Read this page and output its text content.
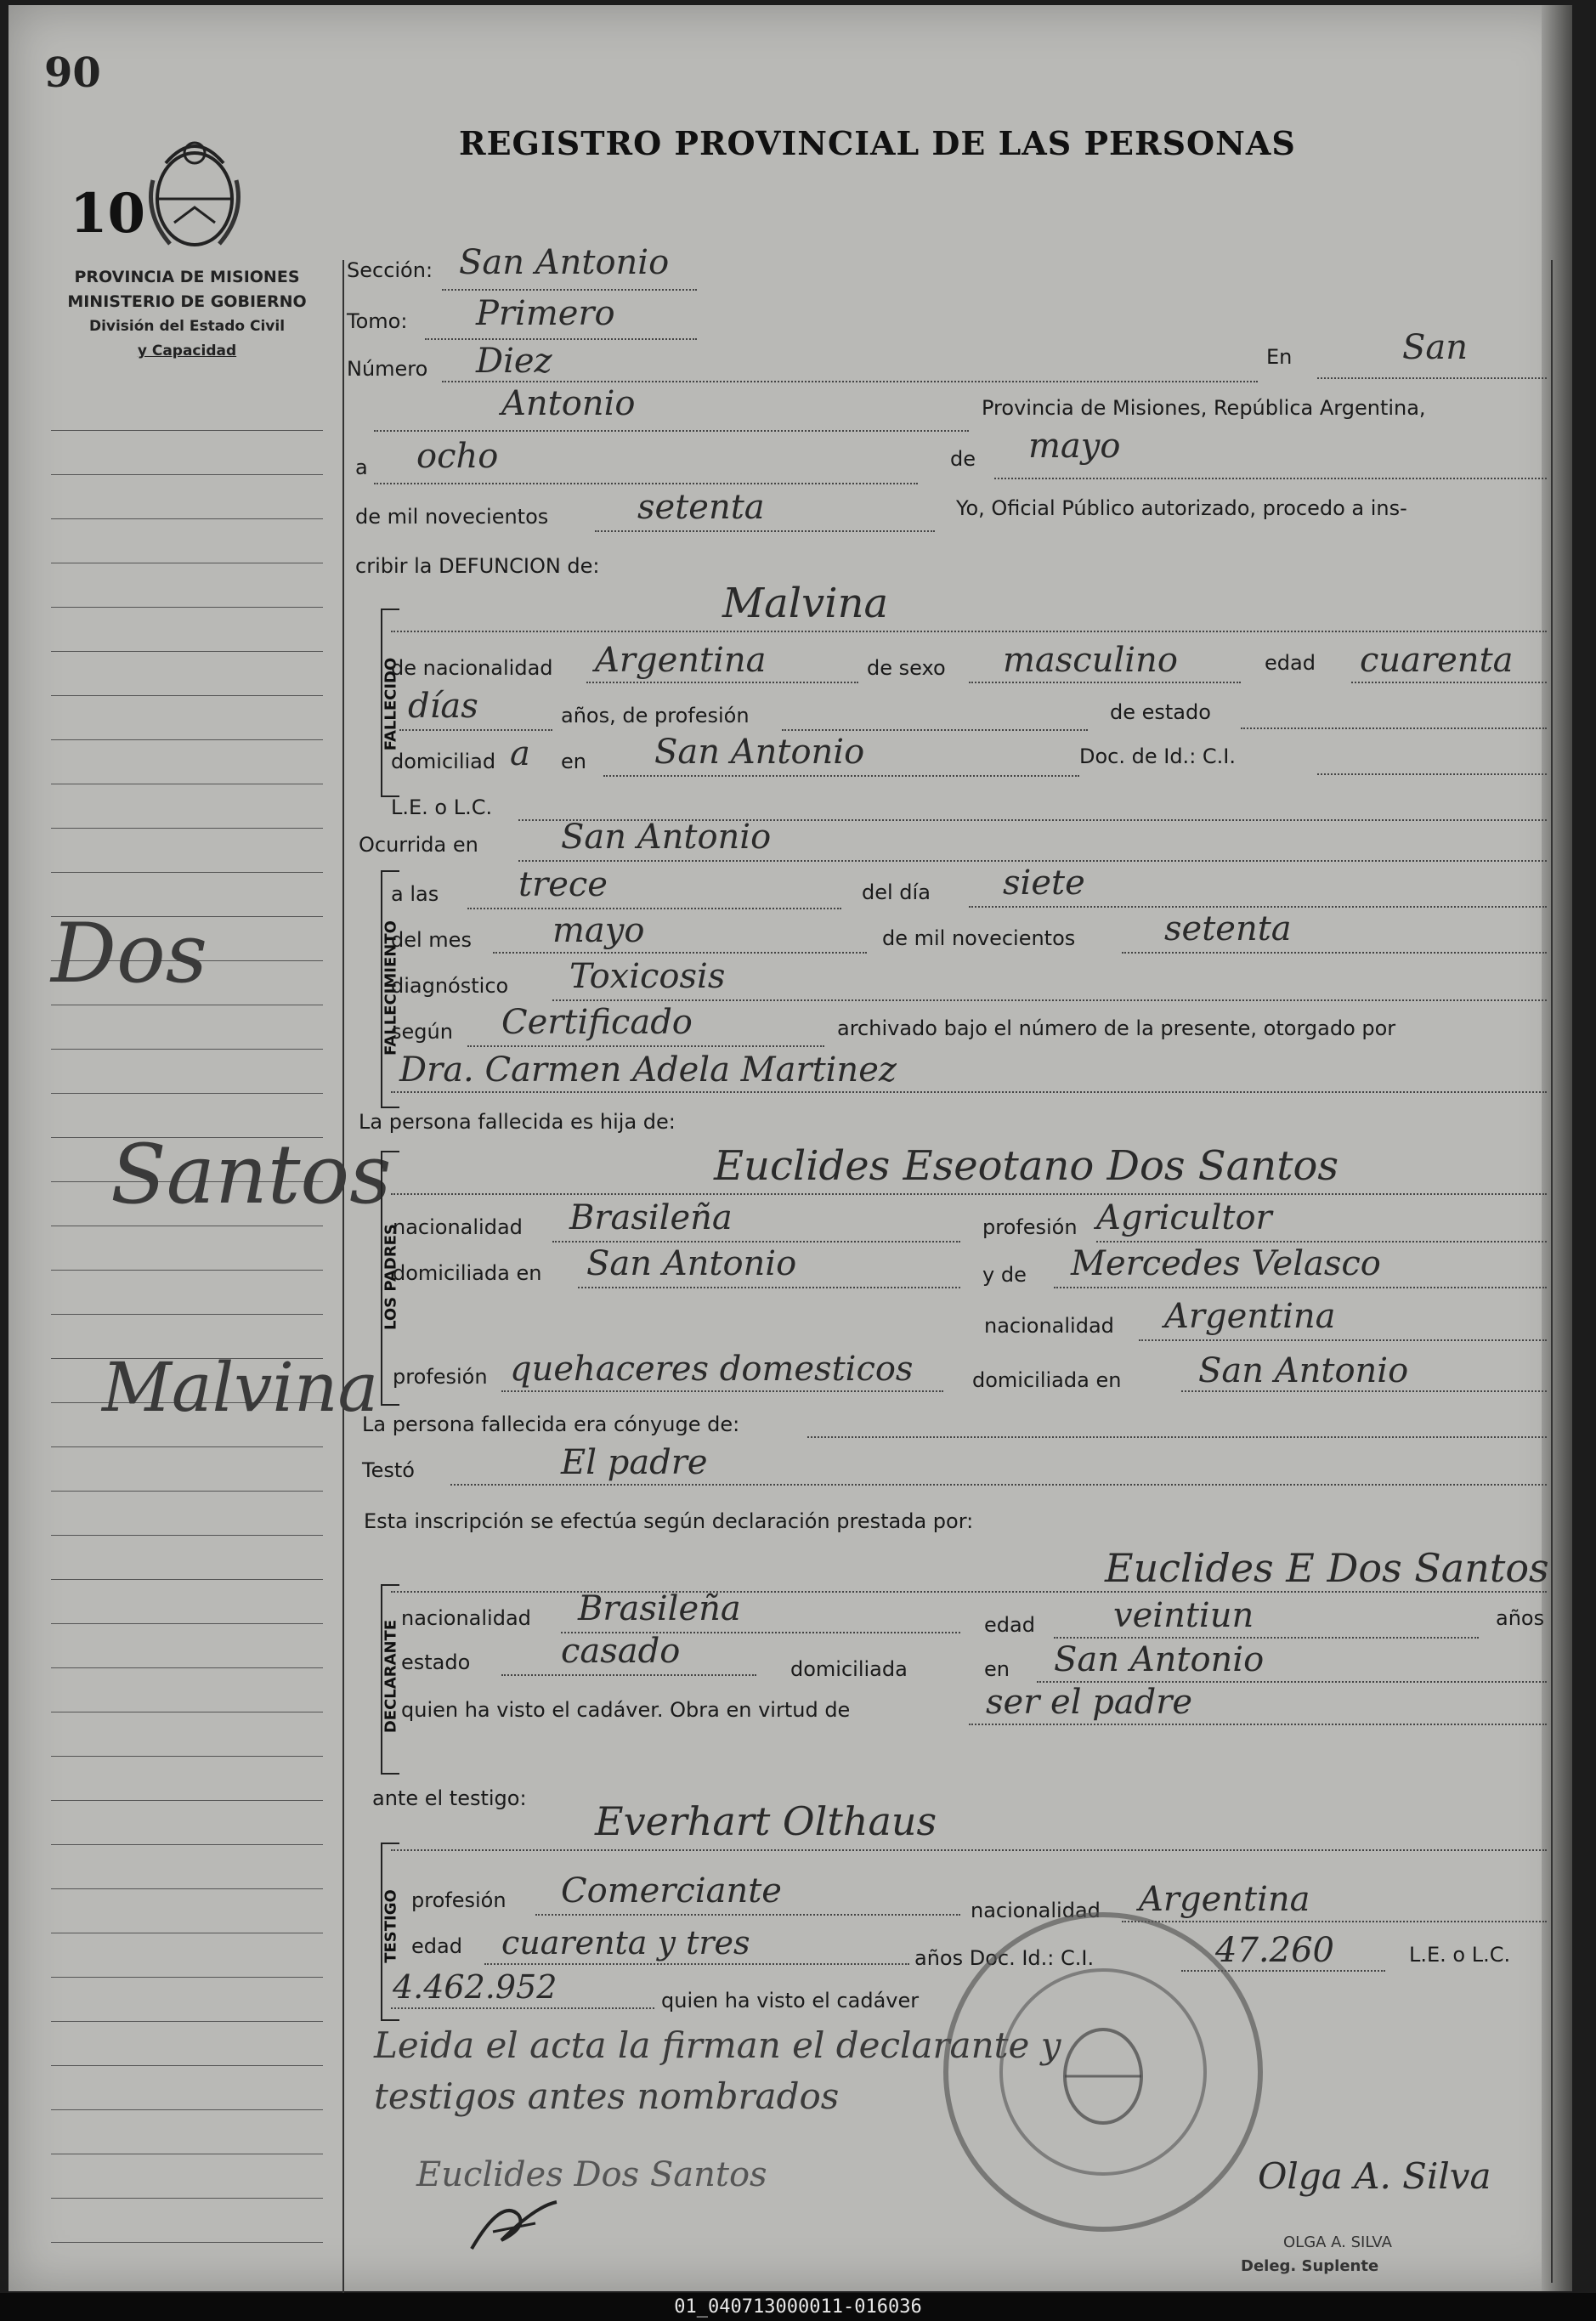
90
10
REGISTRO PROVINCIAL DE LAS PERSONAS
PROVINCIA DE MISIONES
MINISTERIO DE GOBIERNO
División del Estado Civil
y Capacidad
Dos
Santos
Malvina
Sección: San Antonio
Tomo: Primero
Número Diez	En	San
Antonio	Provincia de Misiones, República Argentina,
a ocho	de mayo
de mil novecientos	setenta	Yo, Oficial Público autorizado, procedo a ins-
cribir la DEFUNCION de:
FALLECIDO
Malvina
de nacionalidad Argentina	de sexo masculino	edad cuarenta
días	años, de profesión	de estado
domiciliad a en San Antonio	Doc. de Id.: C.I.
L.E. o L.C.
Ocurrida en San Antonio
FALLECIMIENTO
a las trece	del día siete
del mes mayo	de mil novecientos	setenta
diagnóstico Toxicosis
según Certificado	archivado bajo el número de la presente, otorgado por
Dra. Carmen Adela Martinez
La persona fallecida es hija de:
LOS PADRES
Euclides Eseotano Dos Santos
nacionalidad Brasileña	profesión Agricultor
domiciliada en San Antonio	y de Mercedes Velasco
nacionalidad Argentina
profesión quehaceres domesticos	domiciliada en San Antonio
La persona fallecida era cónyuge de:
Testó	El padre
Esta inscripción se efectúa según declaración prestada por:
Euclides E Dos Santos
DECLARANTE
nacionalidad Brasileña	edad veintiun	años
estado	casado	domiciliada	en San Antonio
quien ha visto el cadáver. Obra en virtud de	ser el padre
ante el testigo: Everhart Olthaus
TESTIGO profesión Comerciante	nacionalidad Argentina
edad cuarenta y tres	años Doc. Id.: C.I.	47.260	L.E. o L.C.
4.462.952	quien ha visto el cadáver
Leida el acta la firman el declarante y
testigos antes nombrados
Euclides Dos Santos	Olga A. Silva
OLGA A. SILVA
Deleg. Suplente
01_040713000011-016036
